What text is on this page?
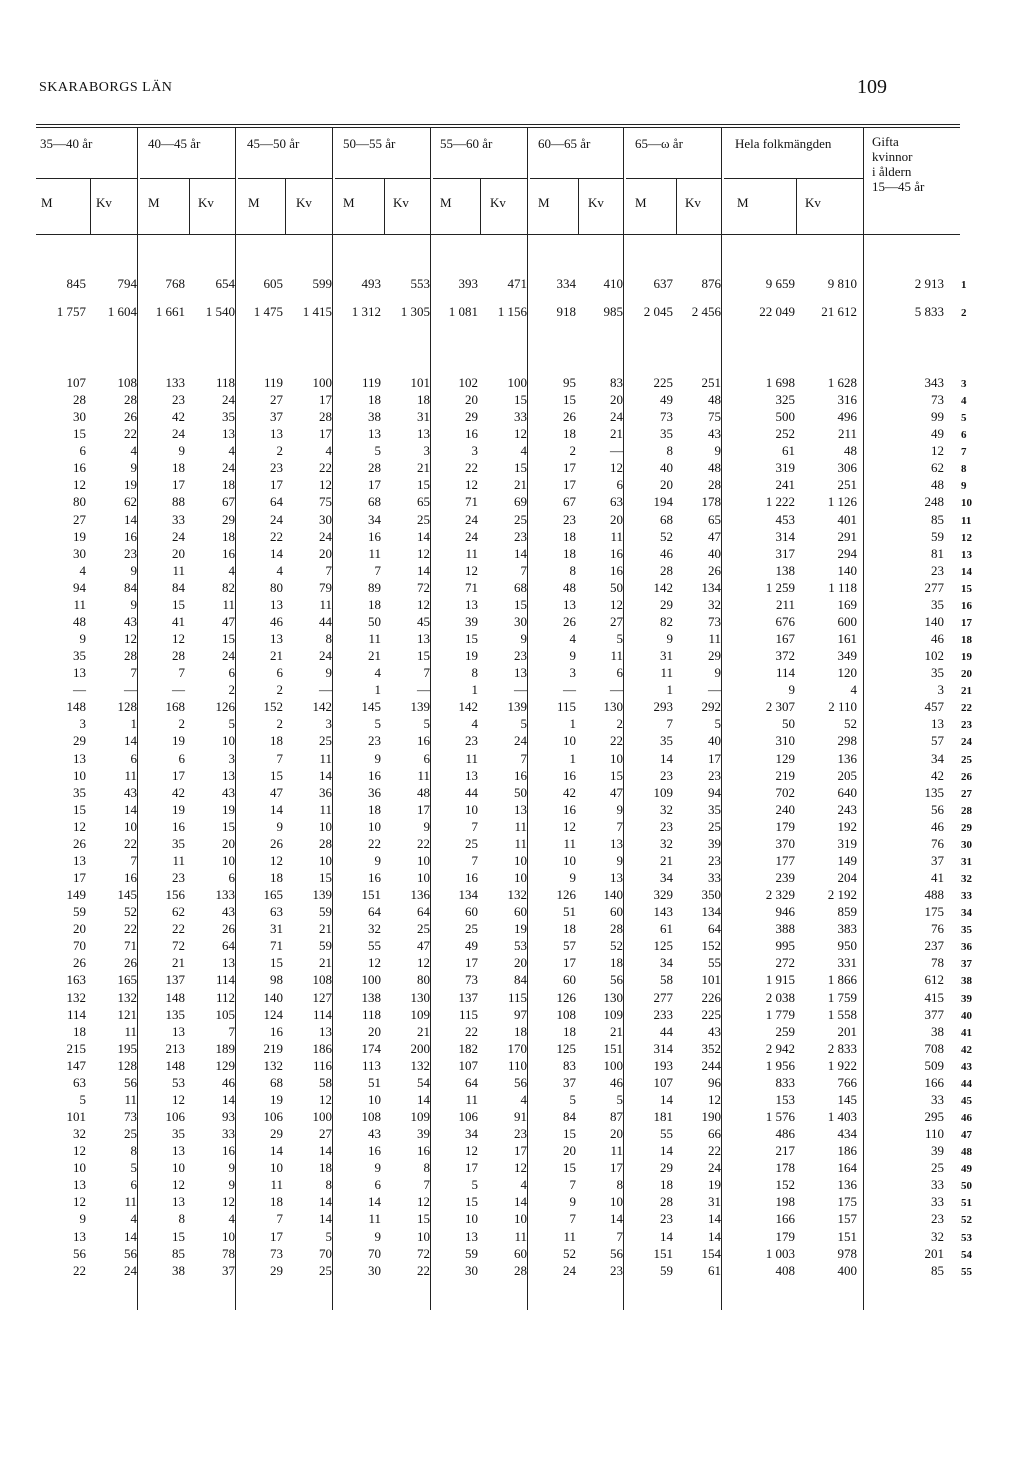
SKARABORGS LÄN	109
35—40 år	40—45 år	45—50 år	50—55 år	55—60 år	60—65 år	65—ω år	Hela folkmängden	Gifta
kvinnor
i åldern
15—45 år
M	Kv	M	Kv	M	Kv M	Kv M	Kv M	Kv M	Kv	M	Kv
845	794	768	654	605	599	493	553	393	471	334	410	637	876	9 659	9 810	2 913 1
1 757	1 604	1 661	1 540	1 475	1 415	1 312	1 305	1 081	1 156	918	985	2 045	2 456	22 049	21 612	5 833 2
107	108	133	118	119	100	119	101	102	100	95	83	225	251	1 698	1 628	343 3
28	28	23	24	27	17	18	18	20	15	15	20	49	48	325	316	73 4
30	26	42	35	37	28	38	31	29	33	26	24	73	75	500	496	99 5
15	22	24	13	13	17	13	13	16	12	18	21	35	43	252	211	49 6
6	4	9	4	2	4	5	3	3	4	2	—	8	9	61	48	12 7
16	9	18	24	23	22	28	21	22	15	17	12	40	48	319	306	62 8
12	19	17	18	17	12	17	15	12	21	17	6	20	28	241	251	48 9
80	62	88	67	64	75	68	65	71	69	67	63	194	178	1 222	1 126	248 10
27	14	33	29	24	30	34	25	24	25	23	20	68	65	453	401	85 11
19	16	24	18	22	24	16	14	24	23	18	11	52	47	314	291	59 12
30	23	20	16	14	20	11	12	11	14	18	16	46	40	317	294	81 13
4	9	11	4	4	7	7	14	12	7	8	16	28	26	138	140	23 14
94	84	84	82	80	79	89	72	71	68	48	50	142	134	1 259	1 118	277 15
11	9	15	11	13	11	18	12	13	15	13	12	29	32	211	169	35 16
48	43	41	47	46	44	50	45	39	30	26	27	82	73	676	600	140 17
9	12	12	15	13	8	11	13	15	9	4	5	9	11	167	161	46 18
35	28	28	24	21	24	21	15	19	23	9	11	31	29	372	349	102 19
13	7	7	6	6	9	4	7	8	13	3	6	11	9	114	120	35 20
—	—	—	2	2	—	1	—	1	—	—	—	1	—	9	4	3 21
148	128	168	126	152	142	145	139	142	139	115	130	293	292	2 307	2 110	457 22
3	1	2	5	2	3	5	5	4	5	1	2	7	5	50	52	13 23
29	14	19	10	18	25	23	16	23	24	10	22	35	40	310	298	57 24
13	6	6	3	7	11	9	6	11	7	1	10	14	17	129	136	34 25
10	11	17	13	15	14	16	11	13	16	16	15	23	23	219	205	42 26
35	43	42	43	47	36	36	48	44	50	42	47	109	94	702	640	135 27
15	14	19	19	14	11	18	17	10	13	16	9	32	35	240	243	56 28
12	10	16	15	9	10	10	9	7	11	12	7	23	25	179	192	46 29
26	22	35	20	26	28	22	22	25	11	11	13	32	39	370	319	76 30
13	7	11	10	12	10	9	10	7	10	10	9	21	23	177	149	37 31
17	16	23	6	18	15	16	10	16	10	9	13	34	33	239	204	41 32
149	145	156	133	165	139	151	136	134	132	126	140	329	350	2 329	2 192	488 33
59	52	62	43	63	59	64	64	60	60	51	60	143	134	946	859	175 34
20	22	22	26	31	21	32	25	25	19	18	28	61	64	388	383	76 35
70	71	72	64	71	59	55	47	49	53	57	52	125	152	995	950	237 36
26	26	21	13	15	21	12	12	17	20	17	18	34	55	272	331	78 37
163	165	137	114	98	108	100	80	73	84	60	56	58	101	1 915	1 866	612 38
132	132	148	112	140	127	138	130	137	115	126	130	277	226	2 038	1 759	415 39
114	121	135	105	124	114	118	109	115	97	108	109	233	225	1 779	1 558	377 40
18	11	13	7	16	13	20	21	22	18	18	21	44	43	259	201	38 41
215	195	213	189	219	186	174	200	182	170	125	151	314	352	2 942	2 833	708 42
147	128	148	129	132	116	113	132	107	110	83	100	193	244	1 956	1 922	509 43
63	56	53	46	68	58	51	54	64	56	37	46	107	96	833	766	166 44
5	11	12	14	19	12	10	14	11	4	5	5	14	12	153	145	33 45
101	73	106	93	106	100	108	109	106	91	84	87	181	190	1 576	1 403	295 46
32	25	35	33	29	27	43	39	34	23	15	20	55	66	486	434	110 47
12	8	13	16	14	14	16	16	12	17	20	11	14	22	217	186	39 48
10	5	10	9	10	18	9	8	17	12	15	17	29	24	178	164	25 49
13	6	12	9	11	8	6	7	5	4	7	8	18	19	152	136	33 50
12	11	13	12	18	14	14	12	15	14	9	10	28	31	198	175	33 51
9	4	8	4	7	14	11	15	10	10	7	14	23	14	166	157	23 52
13	14	15	10	17	5	9	10	13	11	11	7	14	14	179	151	32 53
56	56	85	78	73	70	70	72	59	60	52	56	151	154	1 003	978	201 54
22	24	38	37	29	25	30	22	30	28	24	23	59	61	408	400	85 55
